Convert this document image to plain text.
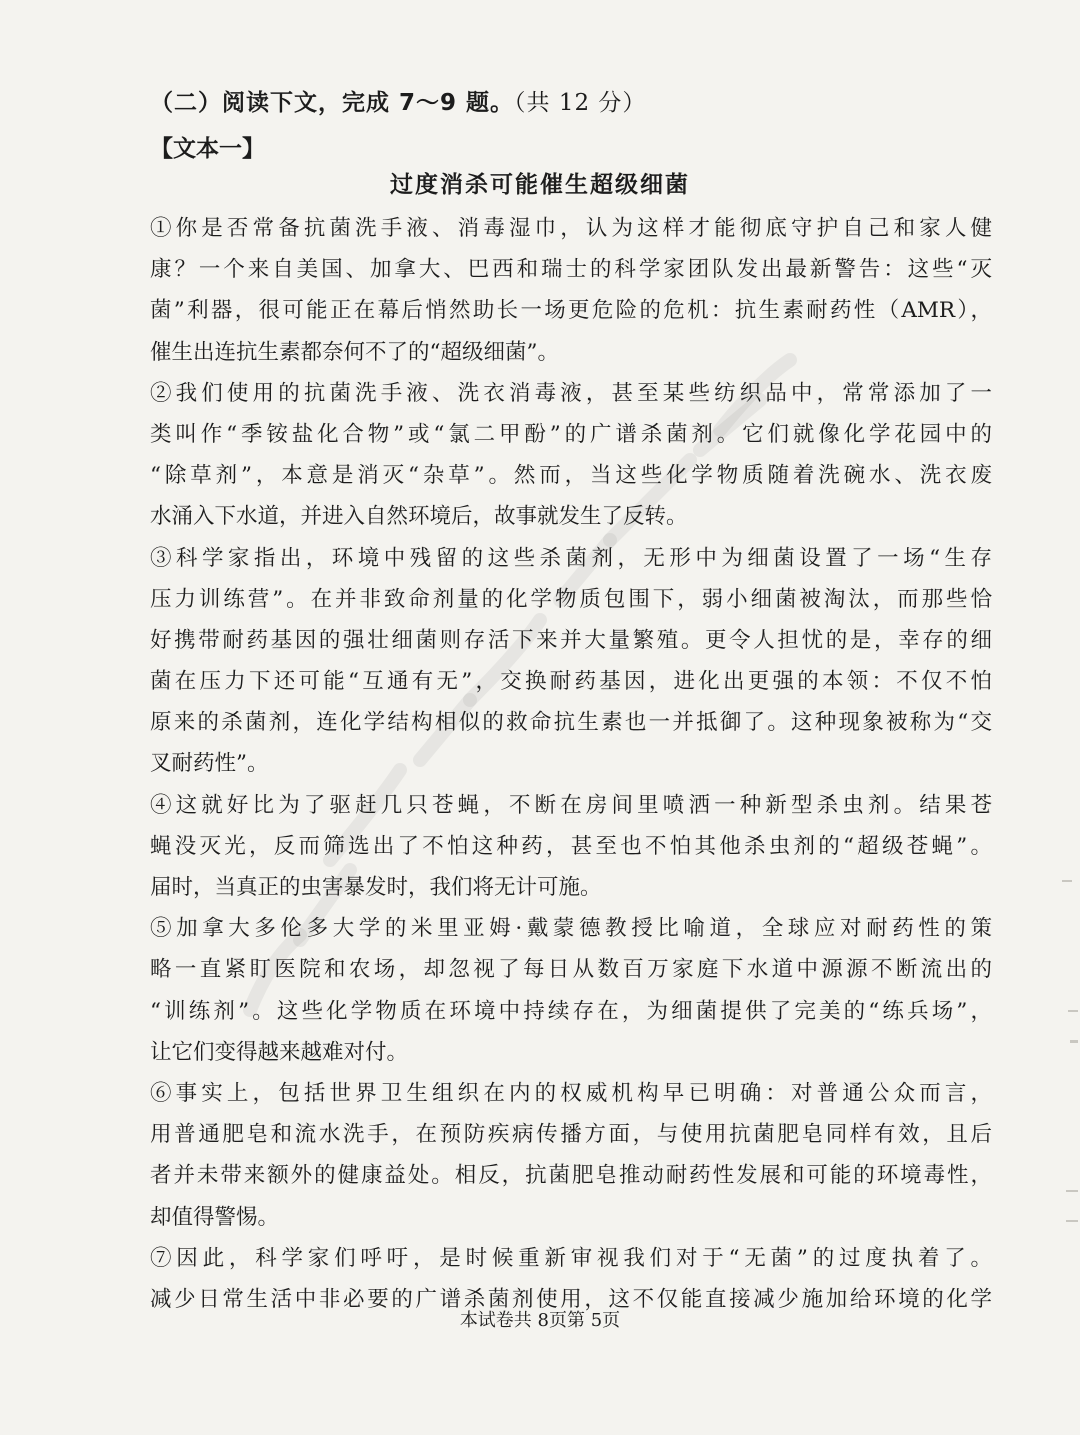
（二）阅读下文，完成 7～9 题。（共 12 分）
【文本一】
过度消杀可能催生超级细菌
①你是否常备抗菌洗手液、消毒湿巾，认为这样才能彻底守护自己和家人健
康？一个来自美国、加拿大、巴西和瑞士的科学家团队发出最新警告：这些“灭
菌”利器，很可能正在幕后悄然助长一场更危险的危机：抗生素耐药性（AMR），
催生出连抗生素都奈何不了的“超级细菌”。
②我们使用的抗菌洗手液、洗衣消毒液，甚至某些纺织品中，常常添加了一
类叫作“季铵盐化合物”或“氯二甲酚”的广谱杀菌剂。它们就像化学花园中的
“除草剂”，本意是消灭“杂草”。然而，当这些化学物质随着洗碗水、洗衣废
水涌入下水道，并进入自然环境后，故事就发生了反转。
③科学家指出，环境中残留的这些杀菌剂，无形中为细菌设置了一场“生存
压力训练营”。在并非致命剂量的化学物质包围下，弱小细菌被淘汰，而那些恰
好携带耐药基因的强壮细菌则存活下来并大量繁殖。更令人担忧的是，幸存的细
菌在压力下还可能“互通有无”，交换耐药基因，进化出更强的本领：不仅不怕
原来的杀菌剂，连化学结构相似的救命抗生素也一并抵御了。这种现象被称为“交
叉耐药性”。
④这就好比为了驱赶几只苍蝇，不断在房间里喷洒一种新型杀虫剂。结果苍
蝇没灭光，反而筛选出了不怕这种药，甚至也不怕其他杀虫剂的“超级苍蝇”。
届时，当真正的虫害暴发时，我们将无计可施。
⑤加拿大多伦多大学的米里亚姆·戴蒙德教授比喻道，全球应对耐药性的策
略一直紧盯医院和农场，却忽视了每日从数百万家庭下水道中源源不断流出的
“训练剂”。这些化学物质在环境中持续存在，为细菌提供了完美的“练兵场”，
让它们变得越来越难对付。
⑥事实上，包括世界卫生组织在内的权威机构早已明确：对普通公众而言，
用普通肥皂和流水洗手，在预防疾病传播方面，与使用抗菌肥皂同样有效，且后
者并未带来额外的健康益处。相反，抗菌肥皂推动耐药性发展和可能的环境毒性，
却值得警惕。
⑦因此，科学家们呼吁，是时候重新审视我们对于“无菌”的过度执着了。
减少日常生活中非必要的广谱杀菌剂使用，这不仅能直接减少施加给环境的化学
本试卷共 8页第 5页
